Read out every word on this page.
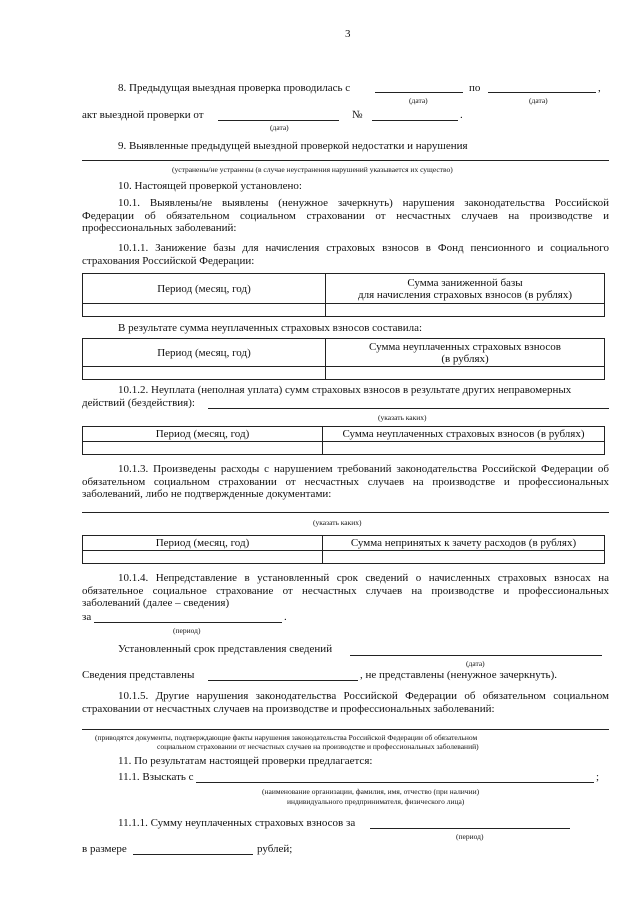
3
8. Предыдущая выездная проверка проводилась с	по	,
(дата)	(дата)
акт выездной проверки от	№	.
(дата)
9. Выявленные предыдущей выездной проверкой недостатки и нарушения
(устранены/не устранены (в случае неустранения нарушений указывается их существо)
10. Настоящей проверкой установлено:
10.1. Выявлены/не выявлены (ненужное зачеркнуть) нарушения законодательства Российской Федерации об обязательном социальном страховании от несчастных случаев на производстве и профессиональных заболеваний:
10.1.1. Занижение базы для начисления страховых взносов в Фонд пенсионного и социального страхования Российской Федерации:
Период (месяц, год)	Сумма заниженной базы
для начисления страховых взносов (в рублях)

В результате сумма неуплаченных страховых взносов составила:
Период (месяц, год)	Сумма неуплаченных страховых взносов
(в рублях)

10.1.2. Неуплата (неполная уплата) сумм страховых взносов в результате других неправомерных
действий (бездействия):
(указать каких)
Период (месяц, год)	Сумма неуплаченных страховых взносов (в рублях)

10.1.3. Произведены расходы с нарушением требований законодательства Российской Федерации об обязательном социальном страховании от несчастных случаев на производстве и профессиональных заболеваний, либо не подтвержденные документами:
(указать каких)
Период (месяц, год)	Сумма непринятых к зачету расходов (в рублях)

10.1.4. Непредставление в установленный срок сведений о начисленных страховых взносах на обязательное социальное страхование от несчастных случаев на производстве и профессиональных заболеваний (далее – сведения)
за	.
(период)
Установленный срок представления сведений
(дата)
Сведения представлены	, не представлены (ненужное зачеркнуть).
10.1.5. Другие нарушения законодательства Российской Федерации об обязательном социальном страховании от несчастных случаев на производстве и профессиональных заболеваний:
(приводятся документы, подтверждающие факты нарушения законодательства Российской Федерации об обязательном
социальном страховании от несчастных случаев на производстве и профессиональных заболеваний)
11. По результатам настоящей проверки предлагается:
11.1. Взыскать с	;
(наименование организации, фамилия, имя, отчество (при наличии)
индивидуального предпринимателя, физического лица)
11.1.1. Сумму неуплаченных страховых взносов за
(период)
в размере	рублей;
